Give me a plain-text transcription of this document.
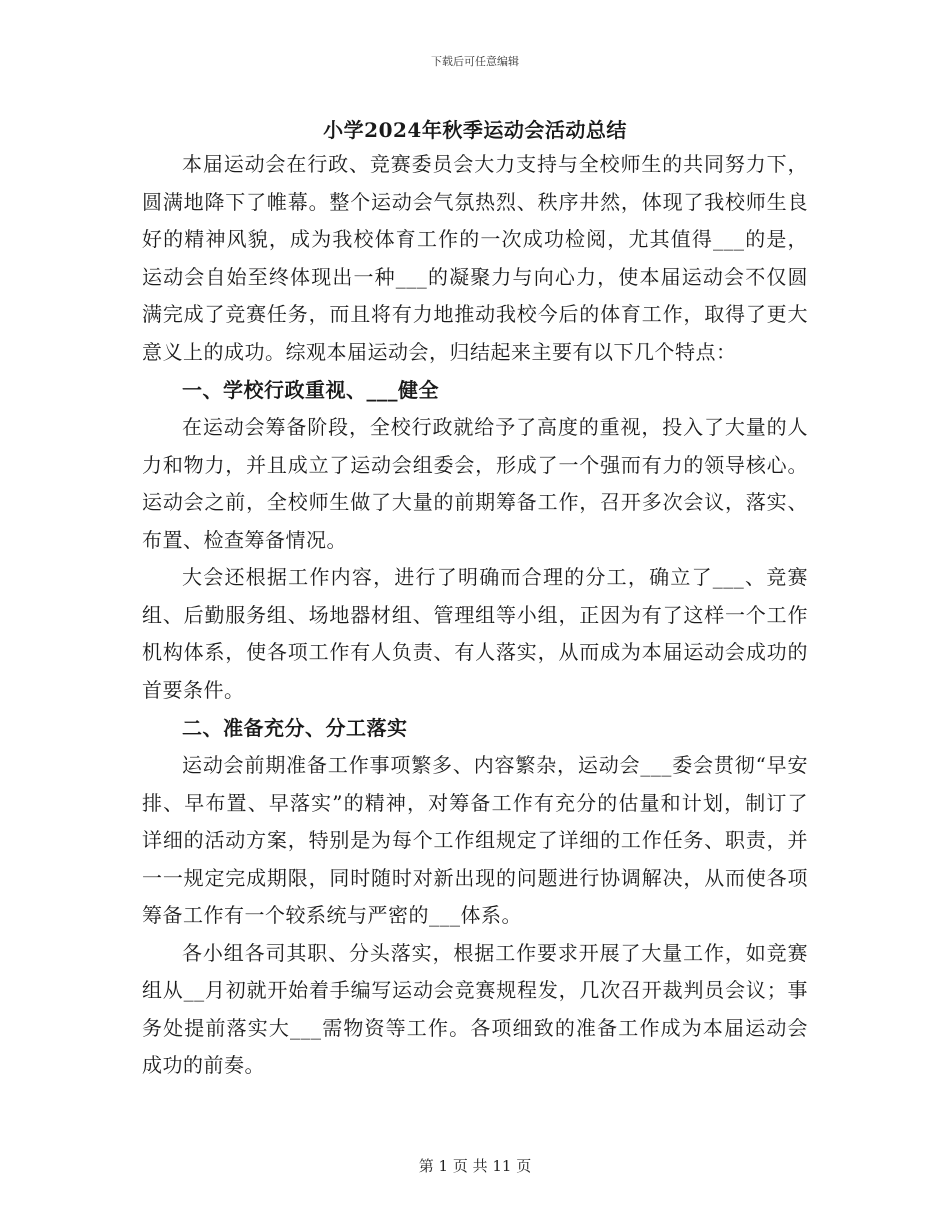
下载后可任意编辑
小学2024年秋季运动会活动总结

本届运动会在行政、竞赛委员会大力支持与全校师生的共同努力下，圆满地降下了帷幕。整个运动会气氛热烈、秩序井然，体现了我校师生良好的精神风貌，成为我校体育工作的一次成功检阅，尤其值得___的是，运动会自始至终体现出一种___的凝聚力与向心力，使本届运动会不仅圆满完成了竞赛任务，而且将有力地推动我校今后的体育工作，取得了更大意义上的成功。综观本届运动会，归结起来主要有以下几个特点：

一、学校行政重视、___健全

在运动会筹备阶段，全校行政就给予了高度的重视，投入了大量的人力和物力，并且成立了运动会组委会，形成了一个强而有力的领导核心。运动会之前，全校师生做了大量的前期筹备工作，召开多次会议，落实、布置、检查筹备情况。

大会还根据工作内容，进行了明确而合理的分工，确立了___、竞赛组、后勤服务组、场地器材组、管理组等小组，正因为有了这样一个工作机构体系，使各项工作有人负责、有人落实，从而成为本届运动会成功的首要条件。

二、准备充分、分工落实

运动会前期准备工作事项繁多、内容繁杂，运动会___委会贯彻“早安排、早布置、早落实”的精神，对筹备工作有充分的估量和计划，制订了详细的活动方案，特别是为每个工作组规定了详细的工作任务、职责，并一一规定完成期限，同时随时对新出现的问题进行协调解决，从而使各项筹备工作有一个较系统与严密的___体系。

各小组各司其职、分头落实，根据工作要求开展了大量工作，如竞赛组从__月初就开始着手编写运动会竞赛规程发，几次召开裁判员会议；事务处提前落实大___需物资等工作。各项细致的准备工作成为本届运动会成功的前奏。

第 1 页 共 11 页
